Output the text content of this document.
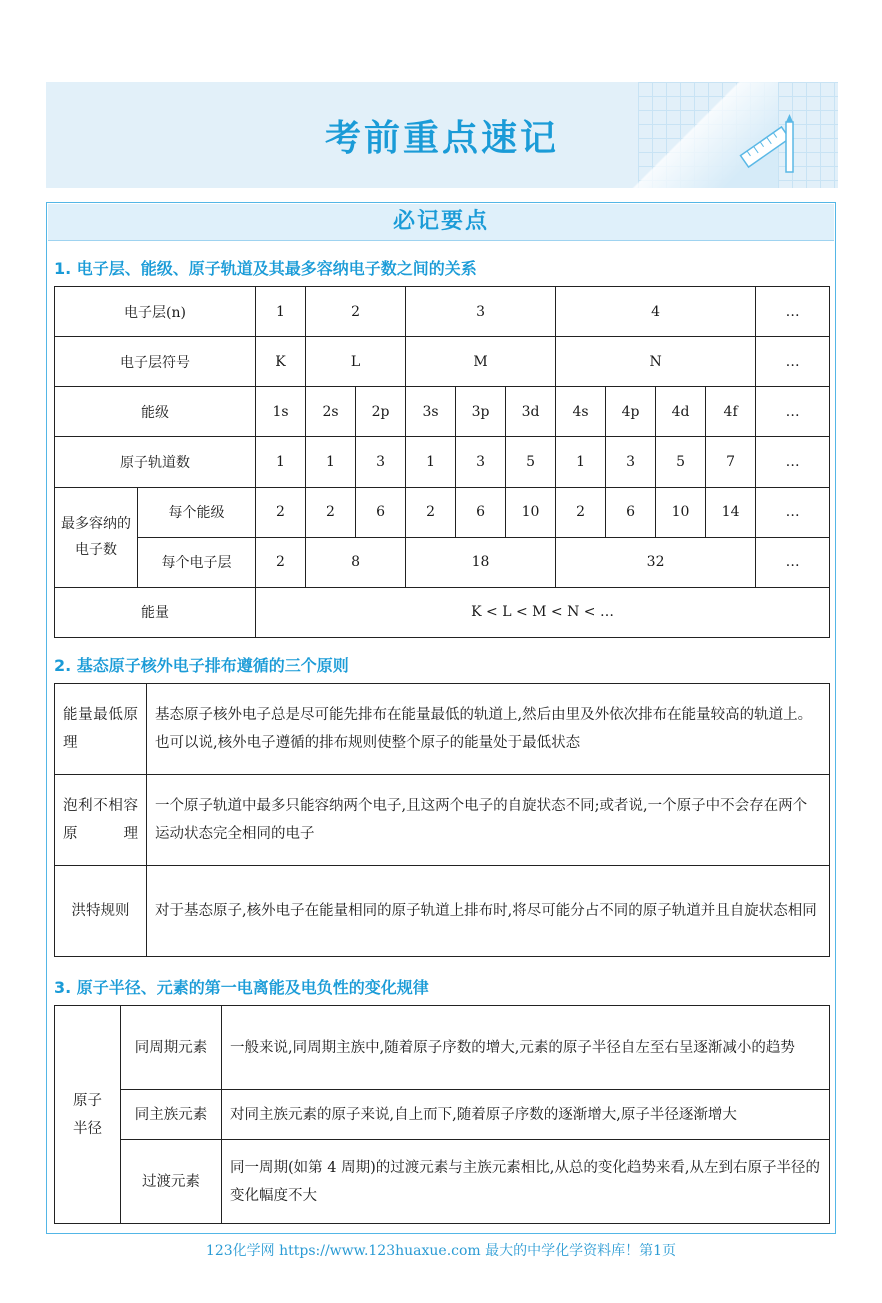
考前重点速记
必记要点
1. 电子层、能级、原子轨道及其最多容纳电子数之间的关系
电子层(n)		1	2		3			4				…
电子层符号		K	L		M			N				…
能级		1s	2s	2p	3s	3p	3d	4s	4p	4d	4f	…
原子轨道数		1	1	3	1	3	5	1	3	5	7	…
最多容纳的电子数	每个能级	2	2	6	2	6	10	2	6	10	14	…
	每个电子层	2	8		18			32				…
能量		K < L < M < N < …										
2. 基态原子核外电子排布遵循的三个原则
能量最低原理	基态原子核外电子总是尽可能先排布在能量最低的轨道上,然后由里及外依次排布在能量较高的轨道上。也可以说,核外电子遵循的排布规则使整个原子的能量处于最低状态
泡利不相容原理	一个原子轨道中最多只能容纳两个电子,且这两个电子的自旋状态不同;或者说,一个原子中不会存在两个运动状态完全相同的电子
洪特规则	对于基态原子,核外电子在能量相同的原子轨道上排布时,将尽可能分占不同的原子轨道并且自旋状态相同
3. 原子半径、元素的第一电离能及电负性的变化规律
原子半径	同周期元素	一般来说,同周期主族中,随着原子序数的增大,元素的原子半径自左至右呈逐渐减小的趋势
	同主族元素	对同主族元素的原子来说,自上而下,随着原子序数的逐渐增大,原子半径逐渐增大
	过渡元素	同一周期(如第 4 周期)的过渡元素与主族元素相比,从总的变化趋势来看,从左到右原子半径的变化幅度不大
123化学网 https://www.123huaxue.com 最大的中学化学资料库！第1页
